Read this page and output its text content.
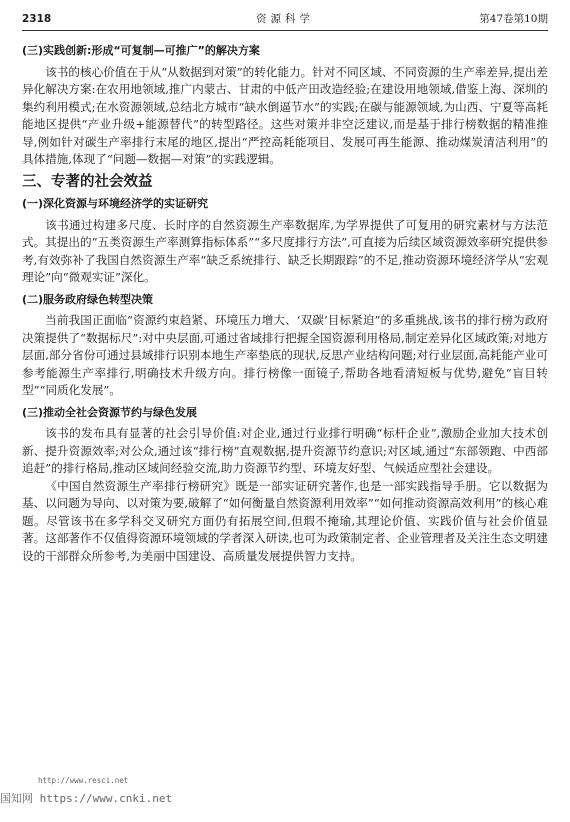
2318	资源科学	第47卷第10期
(三)实践创新:形成“可复制—可推广”的解决方案

该书的核心价值在于从“从数据到对策”的转化能力。针对不同区域、不同资源的生产率差异,提出差异化解决方案:在农用地领域,推广内蒙古、甘肃的中低产田改造经验;在建设用地领域,借鉴上海、深圳的集约利用模式;在水资源领域,总结北方城市“缺水倒逼节水”的实践;在碳与能源领域,为山西、宁夏等高耗能地区提供“产业升级+能源替代”的转型路径。这些对策并非空泛建议,而是基于排行榜数据的精准推导,例如针对碳生产率排行末尾的地区,提出“严控高耗能项目、发展可再生能源、推动煤炭清洁利用”的具体措施,体现了“问题—数据—对策”的实践逻辑。

三、专著的社会效益
(一)深化资源与环境经济学的实证研究

该书通过构建多尺度、长时序的自然资源生产率数据库,为学界提供了可复用的研究素材与方法范式。其提出的“五类资源生产率测算指标体系”“多尺度排行方法”,可直接为后续区域资源效率研究提供参考,有效弥补了我国自然资源生产率“缺乏系统排行、缺乏长期跟踪”的不足,推动资源环境经济学从“宏观理论”向“微观实证”深化。

(二)服务政府绿色转型决策

当前我国正面临“资源约束趋紧、环境压力增大、‘双碳’目标紧迫”的多重挑战,该书的排行榜为政府决策提供了“数据标尺”:对中央层面,可通过省域排行把握全国资源利用格局,制定差异化区域政策;对地方层面,部分省份可通过县域排行识别本地生产率垫底的现状,反思产业结构问题;对行业层面,高耗能产业可参考能源生产率排行,明确技术升级方向。排行榜像一面镜子,帮助各地看清短板与优势,避免“盲目转型”“同质化发展”。

(三)推动全社会资源节约与绿色发展

该书的发布具有显著的社会引导价值:对企业,通过行业排行明确“标杆企业”,激励企业加大技术创新、提升资源效率;对公众,通过该“排行榜”直观数据,提升资源节约意识;对区域,通过“东部领跑、中西部追赶”的排行格局,推动区域间经验交流,助力资源节约型、环境友好型、气候适应型社会建设。

《中国自然资源生产率排行榜研究》既是一部实证研究著作,也是一部实践指导手册。它以数据为基、以问题为导向、以对策为要,破解了“如何衡量自然资源利用效率”“如何推动资源高效利用”的核心难题。尽管该书在多学科交叉研究方面仍有拓展空间,但瑕不掩瑜,其理论价值、实践价值与社会价值显著。这部著作不仅值得资源环境领域的学者深入研读,也可为政策制定者、企业管理者及关注生态文明建设的干部群众所参考,为美丽中国建设、高质量发展提供智力支持。

http://www.resci.net
国知网 https://www.cnki.net
